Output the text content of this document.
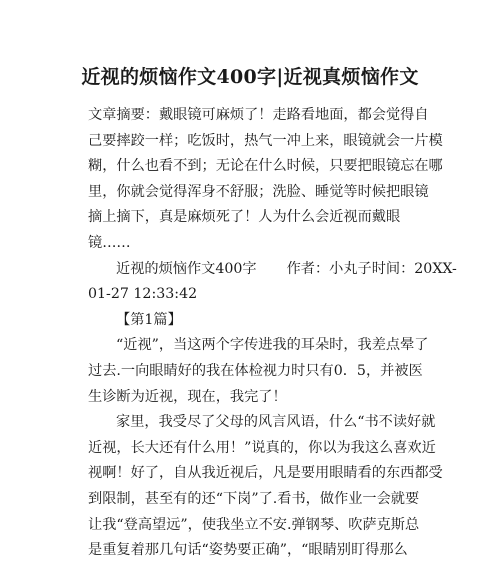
近视的烦恼作文400字|近视真烦恼作文
文章摘要：戴眼镜可麻烦了！走路看地面，都会觉得自
己要摔跤一样；吃饭时，热气一冲上来，眼镜就会一片模
糊，什么也看不到；无论在什么时候，只要把眼镜忘在哪
里，你就会觉得浑身不舒服；洗脸、睡觉等时候把眼镜
摘上摘下，真是麻烦死了！人为什么会近视而戴眼
镜……
近视的烦恼作文400字 作者：小丸子时间：20XX-
01-27 12:33:42
【第1篇】
“近视”，当这两个字传进我的耳朵时，我差点晕了
过去.一向眼睛好的我在体检视力时只有0．5，并被医
生诊断为近视，现在，我完了！
家里，我受尽了父母的风言风语，什么“书不读好就
近视，长大还有什么用！”说真的，你以为我这么喜欢近
视啊！好了，自从我近视后，凡是要用眼睛看的东西都受
到限制，甚至有的还“下岗”了.看书，做作业一会就要
让我“登高望远”，使我坐立不安.弹钢琴、吹萨克斯总
是重复着那几句话“姿势要正确”，“眼睛别盯得那么
